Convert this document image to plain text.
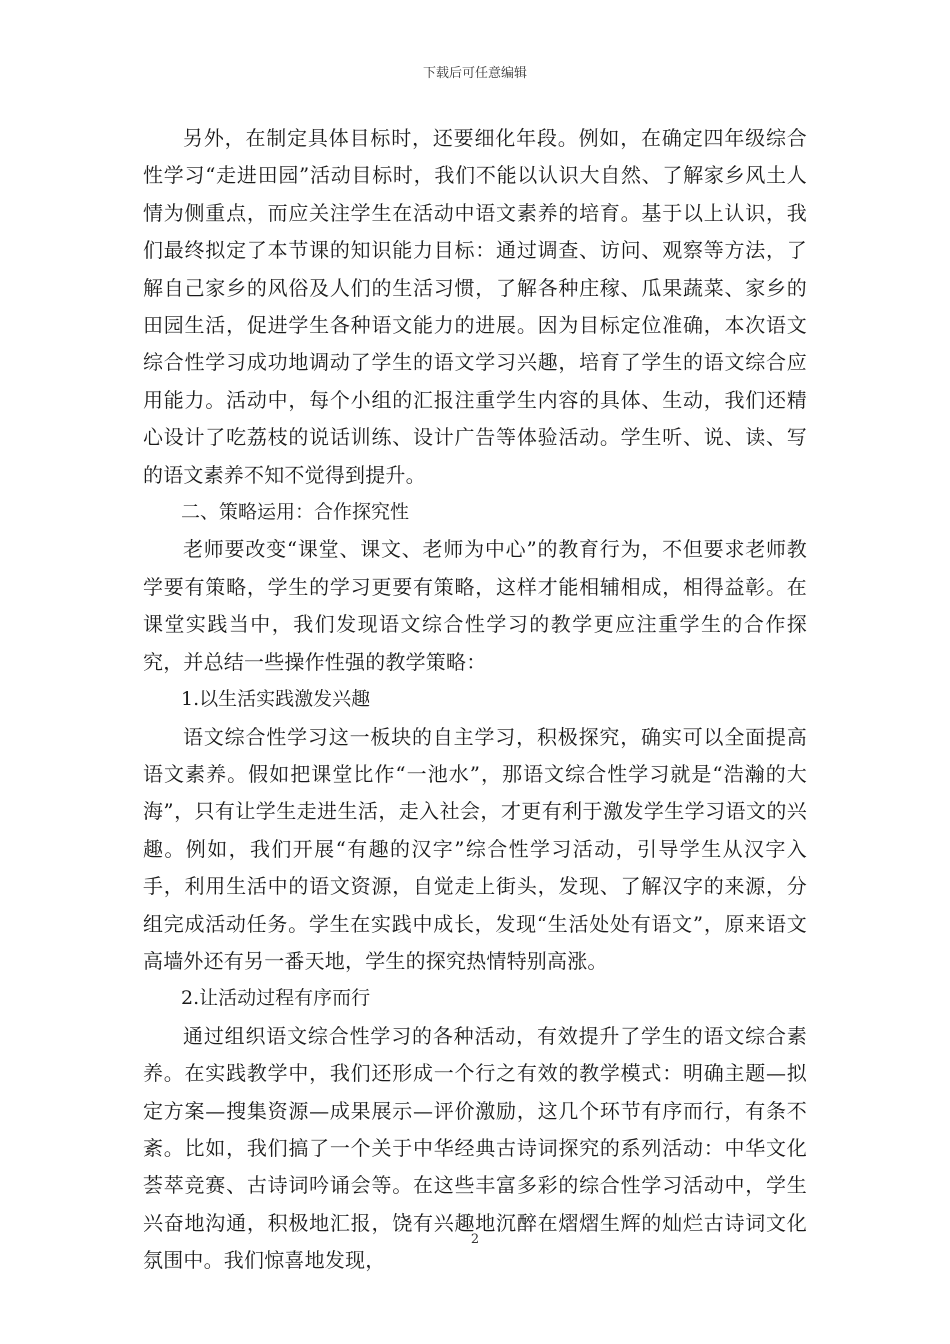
下载后可任意编辑

另外，在制定具体目标时，还要细化年段。例如，在确定四年级综合性学习“走进田园”活动目标时，我们不能以认识大自然、了解家乡风土人情为侧重点，而应关注学生在活动中语文素养的培育。基于以上认识，我们最终拟定了本节课的知识能力目标：通过调查、访问、观察等方法，了解自己家乡的风俗及人们的生活习惯，了解各种庄稼、瓜果蔬菜、家乡的田园生活，促进学生各种语文能力的进展。因为目标定位准确，本次语文综合性学习成功地调动了学生的语文学习兴趣，培育了学生的语文综合应用能力。活动中，每个小组的汇报注重学生内容的具体、生动，我们还精心设计了吃荔枝的说话训练、设计广告等体验活动。学生听、说、读、写的语文素养不知不觉得到提升。

二、策略运用：合作探究性

老师要改变“课堂、课文、老师为中心”的教育行为，不但要求老师教学要有策略，学生的学习更要有策略，这样才能相辅相成，相得益彰。在课堂实践当中，我们发现语文综合性学习的教学更应注重学生的合作探究，并总结一些操作性强的教学策略：

1.以生活实践激发兴趣

语文综合性学习这一板块的自主学习，积极探究，确实可以全面提高语文素养。假如把课堂比作“一池水”，那语文综合性学习就是“浩瀚的大海”，只有让学生走进生活，走入社会，才更有利于激发学生学习语文的兴趣。例如，我们开展“有趣的汉字”综合性学习活动，引导学生从汉字入手，利用生活中的语文资源，自觉走上街头，发现、了解汉字的来源，分组完成活动任务。学生在实践中成长，发现“生活处处有语文”，原来语文高墙外还有另一番天地，学生的探究热情特别高涨。

2.让活动过程有序而行

通过组织语文综合性学习的各种活动，有效提升了学生的语文综合素养。在实践教学中，我们还形成一个行之有效的教学模式：明确主题—拟定方案—搜集资源—成果展示—评价激励，这几个环节有序而行，有条不紊。比如，我们搞了一个关于中华经典古诗词探究的系列活动：中华文化荟萃竞赛、古诗词吟诵会等。在这些丰富多彩的综合性学习活动中，学生兴奋地沟通，积极地汇报，饶有兴趣地沉醉在熠熠生辉的灿烂古诗词文化氛围中。我们惊喜地发现，

2
